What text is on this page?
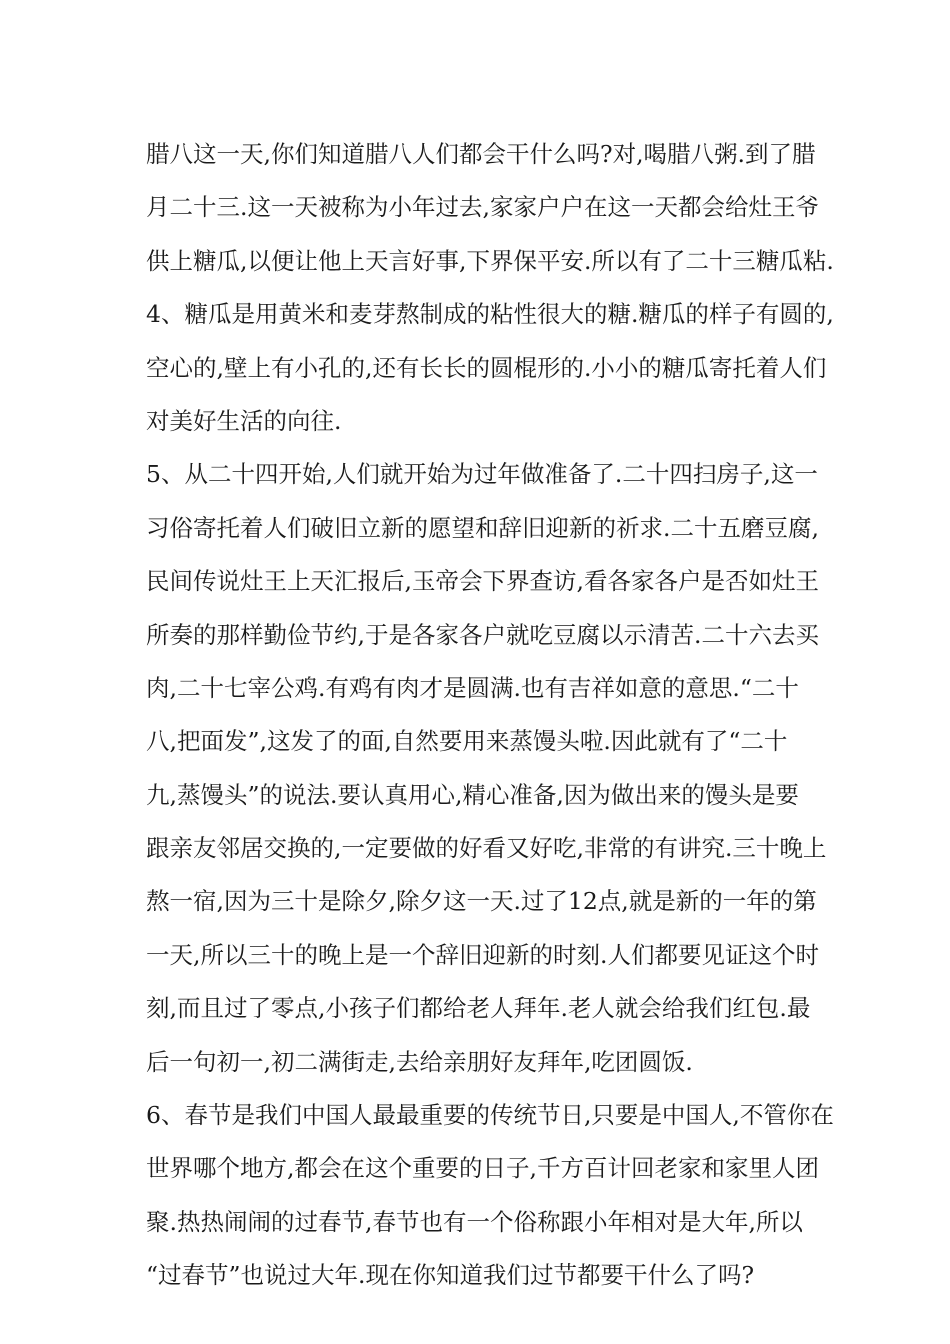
腊八这一天,你们知道腊八人们都会干什么吗?对,喝腊八粥.到了腊
月二十三.这一天被称为小年过去,家家户户在这一天都会给灶王爷
供上糖瓜,以便让他上天言好事,下界保平安.所以有了二十三糖瓜粘.
4、糖瓜是用黄米和麦芽熬制成的粘性很大的糖.糖瓜的样子有圆的,
空心的,壁上有小孔的,还有长长的圆棍形的.小小的糖瓜寄托着人们
对美好生活的向往.
5、从二十四开始,人们就开始为过年做准备了.二十四扫房子,这一
习俗寄托着人们破旧立新的愿望和辞旧迎新的祈求.二十五磨豆腐,
民间传说灶王上天汇报后,玉帝会下界查访,看各家各户是否如灶王
所奏的那样勤俭节约,于是各家各户就吃豆腐以示清苦.二十六去买
肉,二十七宰公鸡.有鸡有肉才是圆满.也有吉祥如意的意思.“二十
八,把面发”,这发了的面,自然要用来蒸馒头啦.因此就有了“二十
九,蒸馒头”的说法.要认真用心,精心准备,因为做出来的馒头是要
跟亲友邻居交换的,一定要做的好看又好吃,非常的有讲究.三十晚上
熬一宿,因为三十是除夕,除夕这一天.过了12点,就是新的一年的第
一天,所以三十的晚上是一个辞旧迎新的时刻.人们都要见证这个时
刻,而且过了零点,小孩子们都给老人拜年.老人就会给我们红包.最
后一句初一,初二满街走,去给亲朋好友拜年,吃团圆饭.
6、春节是我们中国人最最重要的传统节日,只要是中国人,不管你在
世界哪个地方,都会在这个重要的日子,千方百计回老家和家里人团
聚.热热闹闹的过春节,春节也有一个俗称跟小年相对是大年,所以
“过春节”也说过大年.现在你知道我们过节都要干什么了吗?
